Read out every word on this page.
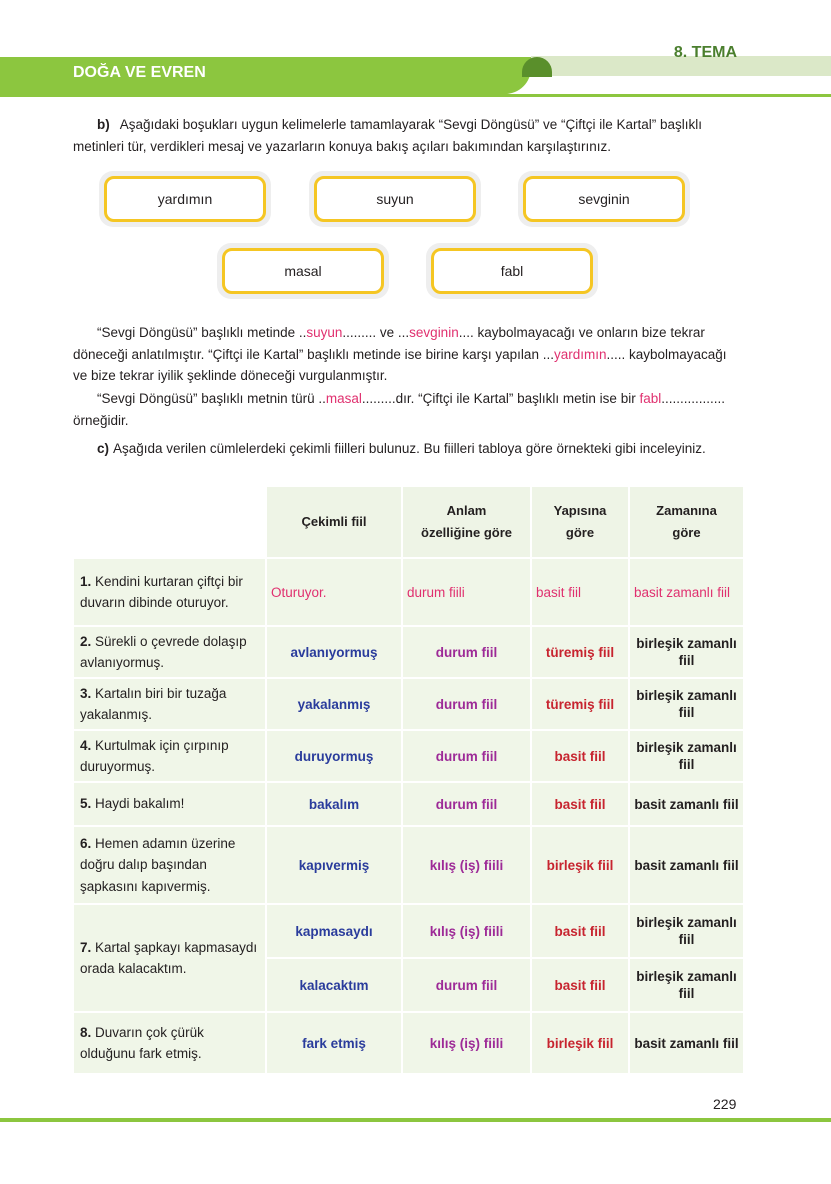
DOĞA VE EVREN
8. TEMA
b) Aşağıdaki boşukları uygun kelimelerle tamamlayarak “Sevgi Döngüsü” ve “Çiftçi ile Kartal” başlıklı metinleri tür, verdikleri mesaj ve yazarların konuya bakış açıları bakımından karşılaştırınız.
yardımın	suyun	sevginin
masal	fabl
“Sevgi Döngüsü” başlıklı metinde ..suyun......... ve ...sevginin.... kaybolmayacağı ve onların bize tekrar döneceği anlatılmıştır. “Çiftçi ile Kartal” başlıklı metinde ise birine karşı yapılan ...yardımın..... kaybolmayacağı ve bize tekrar iyilik şeklinde döneceği vurgulanmıştır.
“Sevgi Döngüsü” başlıklı metnin türü ..masal.........dır. “Çiftçi ile Kartal” başlıklı metin ise bir fabl................. örneğidir.
c) Aşağıda verilen cümlelerdeki çekimli fiilleri bulunuz. Bu fiilleri tabloya göre örnekteki gibi inceleyiniz.
	Çekimli fiil	Anlam özelliğine göre	Yapısına göre	Zamanına göre
1. Kendini kurtaran çiftçi bir duvarın dibinde oturuyor.	Oturuyor.	durum fiili	basit fiil	basit zamanlı fiil
2. Sürekli o çevrede dolaşıp avlanıyormuş.	avlanıyormuş	durum fiil	türemiş fiil	birleşik zamanlı fiil
3. Kartalın biri bir tuzağa yakalanmış.	yakalanmış	durum fiil	türemiş fiil	birleşik zamanlı fiil
4. Kurtulmak için çırpınıp duruyormuş.	duruyormuş	durum fiil	basit fiil	birleşik zamanlı fiil
5. Haydi bakalım!	bakalım	durum fiil	basit fiil	basit zamanlı fiil
6. Hemen adamın üzerine doğru dalıp başından şapkasını kapıvermiş.	kapıvermiş	kılış (iş) fiili	birleşik fiil	basit zamanlı fiil
7. Kartal şapkayı kapmasaydı orada kalacaktım.	kapmasaydı	kılış (iş) fiili	basit fiil	birleşik zamanlı fiil
	kalacaktım	durum fiil	basit fiil	birleşik zamanlı fiil
8. Duvarın çok çürük olduğunu fark etmiş.	fark etmiş	kılış (iş) fiili	birleşik fiil	basit zamanlı fiil
229
